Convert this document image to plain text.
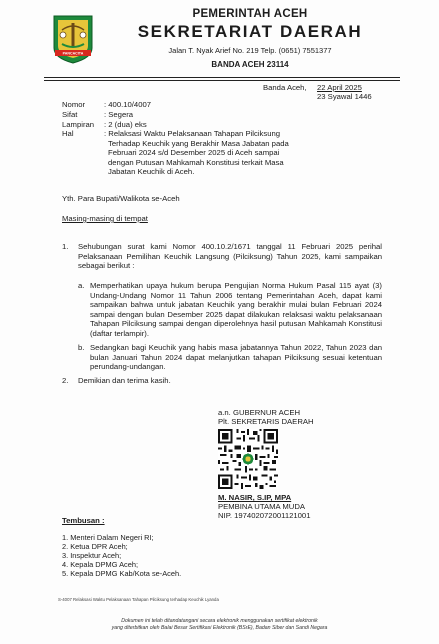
PANCACITA
PEMERINTAH ACEH
SEKRETARIAT DAERAH
Jalan T. Nyak Arief No. 219 Telp. (0651) 7551377
BANDA ACEH 23114
Banda Aceh, 22 April 2025
23 Syawal 1446
Nomor : 400.10/4007
Sifat	: Segera
Lampiran : 2 (dua) eks
Hal	: Relaksasi Waktu Pelaksanaan Tahapan Pilciksung
Terhadap Keuchik yang Berakhir Masa Jabatan pada
Februari 2024 s/d Desember 2025 di Aceh sampai
dengan Putusan Mahkamah Konstitusi terkait Masa
Jabatan Keuchik di Aceh.
Yth. Para Bupati/Walikota se-Aceh
Masing-masing di tempat
1. Sehubungan surat kami Nomor 400.10.2/1671 tanggal 11 Februari 2025 perihal Pelaksanaan Pemilihan Keuchik Langsung (Pilciksung) Tahun 2025, kami sampaikan sebagai berikut :
a. Memperhatikan upaya hukum berupa Pengujian Norma Hukum Pasal 115 ayat (3) Undang-Undang Nomor 11 Tahun 2006 tentang Pemerintahan Aceh, dapat kami sampaikan bahwa untuk jabatan Keuchik yang berakhir mulai bulan Februari 2024 sampai dengan bulan Desember 2025 dapat dilakukan relaksasi waktu pelaksanaan Tahapan Pilciksung sampai dengan diperolehnya hasil putusan Mahkamah Konstitusi (daftar terlampir).
b. Sedangkan bagi Keuchik yang habis masa jabatannya Tahun 2022, Tahun 2023 dan bulan Januari Tahun 2024 dapat melanjutkan tahapan Pilciksung sesuai ketentuan perundang-undangan.
2. Demikian dan terima kasih.
a.n. GUBERNUR ACEH
Plt. SEKRETARIS DAERAH
M. NASIR, S.IP, MPA
PEMBINA UTAMA MUDA
NIP. 197402072001121001
Tembusan :
1. Menteri Dalam Negeri RI;
2. Ketua DPR Aceh;
3. Inspektur Aceh;
4. Kepala DPMG Aceh;
5. Kepala DPMG Kab/Kota se-Aceh.
S-4007 Relaksasi Waktu Pelaksanaan Tahapan Pilciksung terhadap Keuchik Lyanda
Dokumen ini telah ditandatangani secara elektronik menggunakan sertifikat elektronik
yang diterbitkan oleh Balai Besar Sertifikasi Elektronik (BSrE), Badan Siber dan Sandi Negara
